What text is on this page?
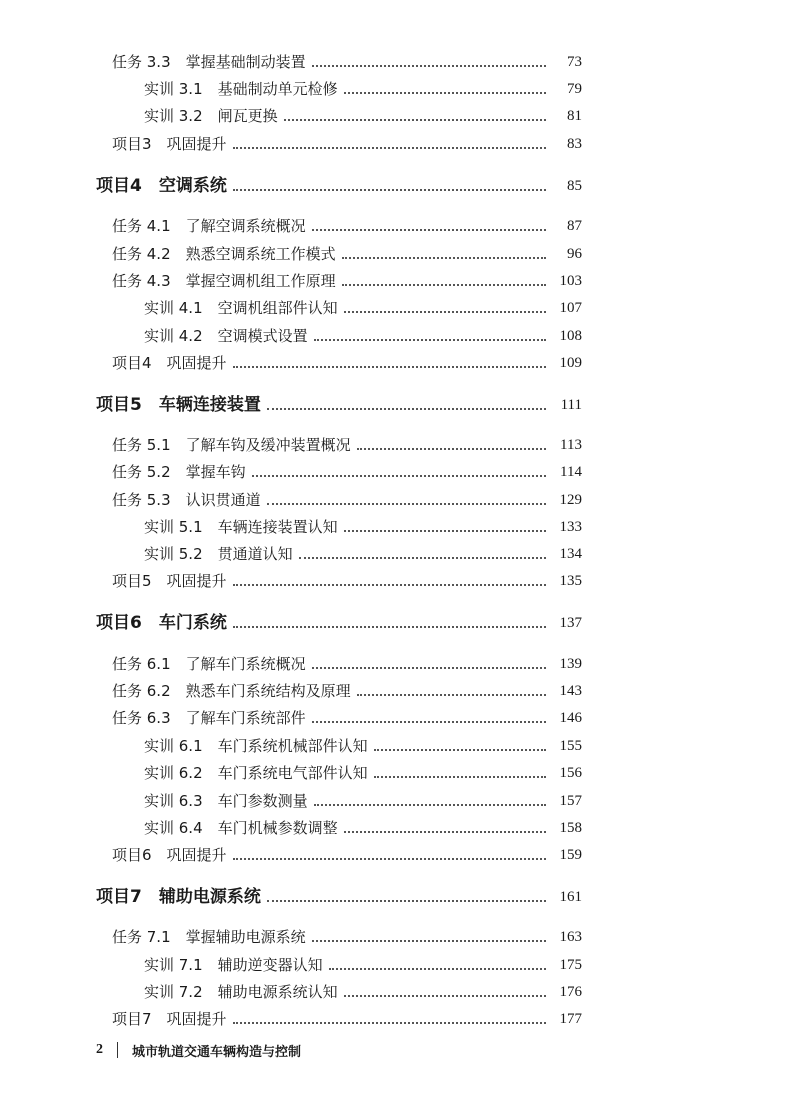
任务 3.3　掌握基础制动装置	73
实训 3.1　基础制动单元检修	79
实训 3.2　闸瓦更换	81
项目3　巩固提升	83
项目4　空调系统	85
任务 4.1　了解空调系统概况	87
任务 4.2　熟悉空调系统工作模式	96
任务 4.3　掌握空调机组工作原理	103
实训 4.1　空调机组部件认知	107
实训 4.2　空调模式设置	108
项目4　巩固提升	109
项目5　车辆连接装置	111
任务 5.1　了解车钩及缓冲装置概况	113
任务 5.2　掌握车钩	114
任务 5.3　认识贯通道	129
实训 5.1　车辆连接装置认知	133
实训 5.2　贯通道认知	134
项目5　巩固提升	135
项目6　车门系统	137
任务 6.1　了解车门系统概况	139
任务 6.2　熟悉车门系统结构及原理	143
任务 6.3　了解车门系统部件	146
实训 6.1　车门系统机械部件认知	155
实训 6.2　车门系统电气部件认知	156
实训 6.3　车门参数测量	157
实训 6.4　车门机械参数调整	158
项目6　巩固提升	159
项目7　辅助电源系统	161
任务 7.1　掌握辅助电源系统	163
实训 7.1　辅助逆变器认知	175
实训 7.2　辅助电源系统认知	176
项目7　巩固提升	177
2 城市轨道交通车辆构造与控制
